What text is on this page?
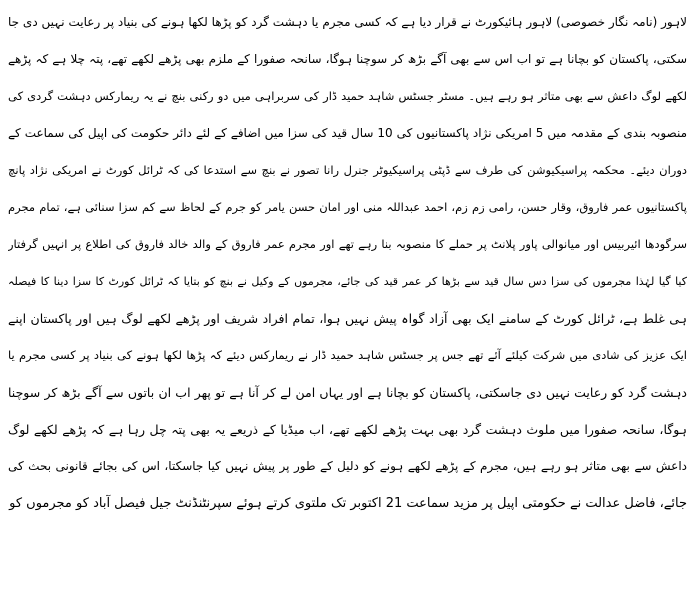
لاہور (نامہ نگار خصوصی) لاہور ہائیکورٹ نے قرار دیا ہے کہ کسی مجرم یا دہشت گرد کو پڑھا لکھا ہونے کی بنیاد پر رعایت نہیں دی جا
سکتی، پاکستان کو بچانا ہے تو اب اس سے بھی آگے بڑھ کر سوچنا ہوگا، سانحہ صفورا کے ملزم بھی پڑھے لکھے تھے، پتہ چلا ہے کہ پڑھے
لکھے لوگ داعش سے بھی متاثر ہو رہے ہیں۔ مسٹر جسٹس شاہد حمید ڈار کی سربراہی میں دو رکنی بنچ نے یہ ریمارکس دہشت گردی کی
منصوبہ بندی کے مقدمہ میں 5 امریکی نژاد پاکستانیوں کی 10 سال قید کی سزا میں اضافے کے لئے دائر حکومت کی اپیل کی سماعت کے
دوران دیئے۔ محکمہ پراسیکیوشن کی طرف سے ڈپٹی پراسیکیوٹر جنرل رانا تصور نے بنچ سے استدعا کی کہ ٹرائل کورٹ نے امریکی نژاد پانچ
پاکستانیوں عمر فاروق، وقار حسن، رامی زم زم، احمد عبداللہ منی اور امان حسن یامر کو جرم کے لحاظ سے کم سزا سنائی ہے، تمام مجرم
سرگودھا ائیربیس اور میانوالی پاور پلانٹ پر حملے کا منصوبہ بنا رہے تھے اور مجرم عمر فاروق کے والد خالد فاروق کی اطلاع پر انہیں گرفتار
کیا گیا لہٰذا مجرموں کی سزا دس سال قید سے بڑھا کر عمر قید کی جائے، مجرموں کے وکیل نے بنچ کو بتایا کہ ٹرائل کورٹ کا سزا دینا کا فیصلہ
ہی غلط ہے، ٹرائل کورٹ کے سامنے ایک بھی آزاد گواہ پیش نہیں ہوا، تمام افراد شریف اور پڑھے لکھے لوگ ہیں اور پاکستان اپنے
ایک عزیز کی شادی میں شرکت کیلئے آئے تھے جس پر جسٹس شاہد حمید ڈار نے ریمارکس دیئے کہ پڑھا لکھا ہونے کی بنیاد پر کسی مجرم یا
دہشت گرد کو رعایت نہیں دی جاسکتی، پاکستان کو بچانا ہے اور یہاں امن لے کر آنا ہے تو پھر اب ان باتوں سے آگے بڑھ کر سوچنا
ہوگا، سانحہ صفورا میں ملوث دہشت گرد بھی بہت پڑھے لکھے تھے، اب میڈیا کے ذریعے یہ بھی پتہ چل رہا ہے کہ پڑھے لکھے لوگ
داعش سے بھی متاثر ہو رہے ہیں، مجرم کے پڑھے لکھے ہونے کو دلیل کے طور پر پیش نہیں کیا جاسکتا، اس کی بجائے قانونی بحث کی
جائے، فاضل عدالت نے حکومتی اپیل پر مزید سماعت 21 اکتوبر تک ملتوی کرتے ہوئے سپرنٹنڈنٹ جیل فیصل آباد کو مجرموں کو
